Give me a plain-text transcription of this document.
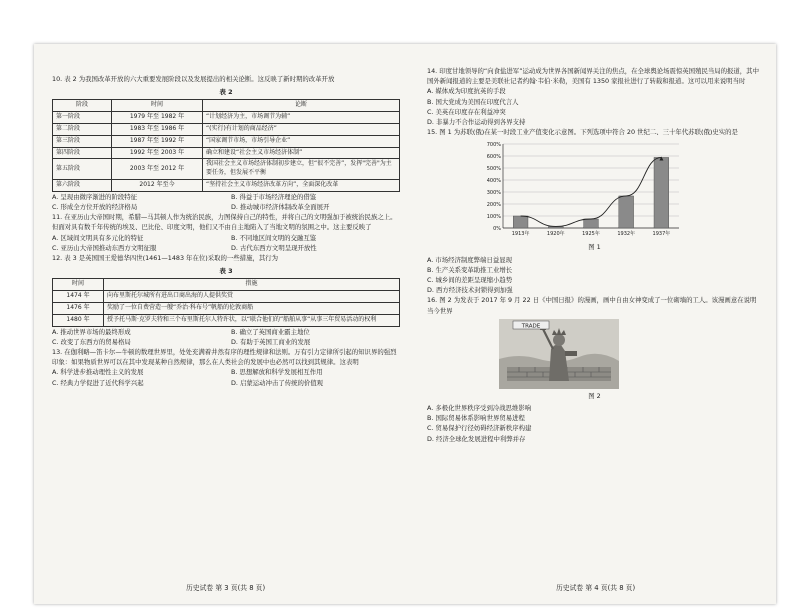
10. 表 2 为我国改革开放的六大重要发展阶段以及发展提出的相关论断。这反映了新时期的改革开放

表 2
阶段	时间	论断
第一阶段	1979 年至 1982 年	“计划经济为主，市场调节为辅”
第二阶段	1983 年至 1986 年	“(实行)有计划的商品经济”
第三阶段	1987 年至 1992 年	“国家调节市场，市场引导企业”
第四阶段	1992 年至 2003 年	确立和建设“社会主义市场经济体制”
第五阶段	2003 年至 2012 年	我国社会主义市场经济体制初步建立，但“很不完善”，发挥"完善"为主要任务，但发展不平衡
第六阶段	2012 年至今	“坚持社会主义市场经济改革方向”，全面深化改革
A. 呈现由微序渐进的阶段特征	B. 得益于市场经济理论的借鉴
C. 形成全方位开放的经济格局	D. 推动城市经济体制改革全面展开

11. 在亚历山大帝国时期，希腊—马其顿人作为统治民族，力图保持自己的特性，并将自己的文明强加于被统治民族之上。但面对具有数千年传统的埃及、巴比伦、印度文明，他们又不由自主地陷入了当地文明的氛围之中。这主要反映了

A. 区域间文明具有多元化的特征	B. 不同地区间文明的交融互鉴
C. 亚历山大帝国推动东西方文明征服	D. 古代东西方文明呈现开放性

12. 表 3 是英国国王爱德华四世(1461—1483 年在位)采取的一些措施，其行为

表 3
时间	措施
1474 年	向布里斯托尔城所有进出口商出海的人提供奖赏
1476 年	奖励了一位自费营造一艘“乔治·科布号”帆船的伦敦商船
1480 年	授予托马斯·克罗夫特和三个布里斯托尔人特许状，以“联合他们的”船舶从事“从事三年贸易活动的权利
A. 推动世界市场的最终形成	B. 确立了英国商业霸主地位
C. 改变了东西方的贸易格局	D. 有助于英国工商业的发展

13. 在伽利略—笛卡尔—牛顿的数理世界里，处处充满着井然有序的理性规律和法则。万有引力定律所引起的知识界的强烈印象：如果物质世界可以在其中发现某种自然规律，那么在人类社会的发展中也必然可以找到其规律。这表明

A. 科学进步推动理性主义的发展	B. 思想解放和科学发展相互作用
C. 经典力学促进了近代科学兴起	D. 启蒙运动冲击了传统的价值观

14. 印度甘地领导的“向食盐进军”运动成为世界各国新闻界关注的焦点，在全球舆论场震惊英国殖民当局的报道，其中国外新闻报道的主要是美联社记者约翰·韦伯·米勒，美国有 1350 家报社进行了转载和报道。这可以用来说明当时

A. 媒体成为印度抗英的手段
B. 国大党成为美国在印度代言人
C. 美英在印度存在利益冲突
D. 非暴力不合作运动得到各界支持

15. 图 1 为苏联(俄)在某一时段工业产值变化示意图。下列选项中符合 20 世纪二、三十年代苏联(俄)史实的是

0%
100%
200%
300%
400%
500%
600%
700%
1913年	1920年	1925年	1932年	1937年
图 1
A. 市场经济制度弊端日益显现
B. 生产关系变革助推工业增长
C. 城乡间的差距呈现缩小趋势
D. 西方经济技术封锁得到加强

16. 图 2 为发表于 2017 年 9 月 22 日《中国日报》的漫画，画中自由女神变成了一位砌墙的工人。该漫画意在说明当今世界

TRADE
图 2
A. 多极化世界秩序受到冷战思维影响
B. 国际贸易体系影响世界贸易进程
C. 贸易保护行径妨碍经济新秩序构建
D. 经济全球化发展进程中利弊并存
历史试卷 第 3 页(共 8 页)	历史试卷 第 4 页(共 8 页)
